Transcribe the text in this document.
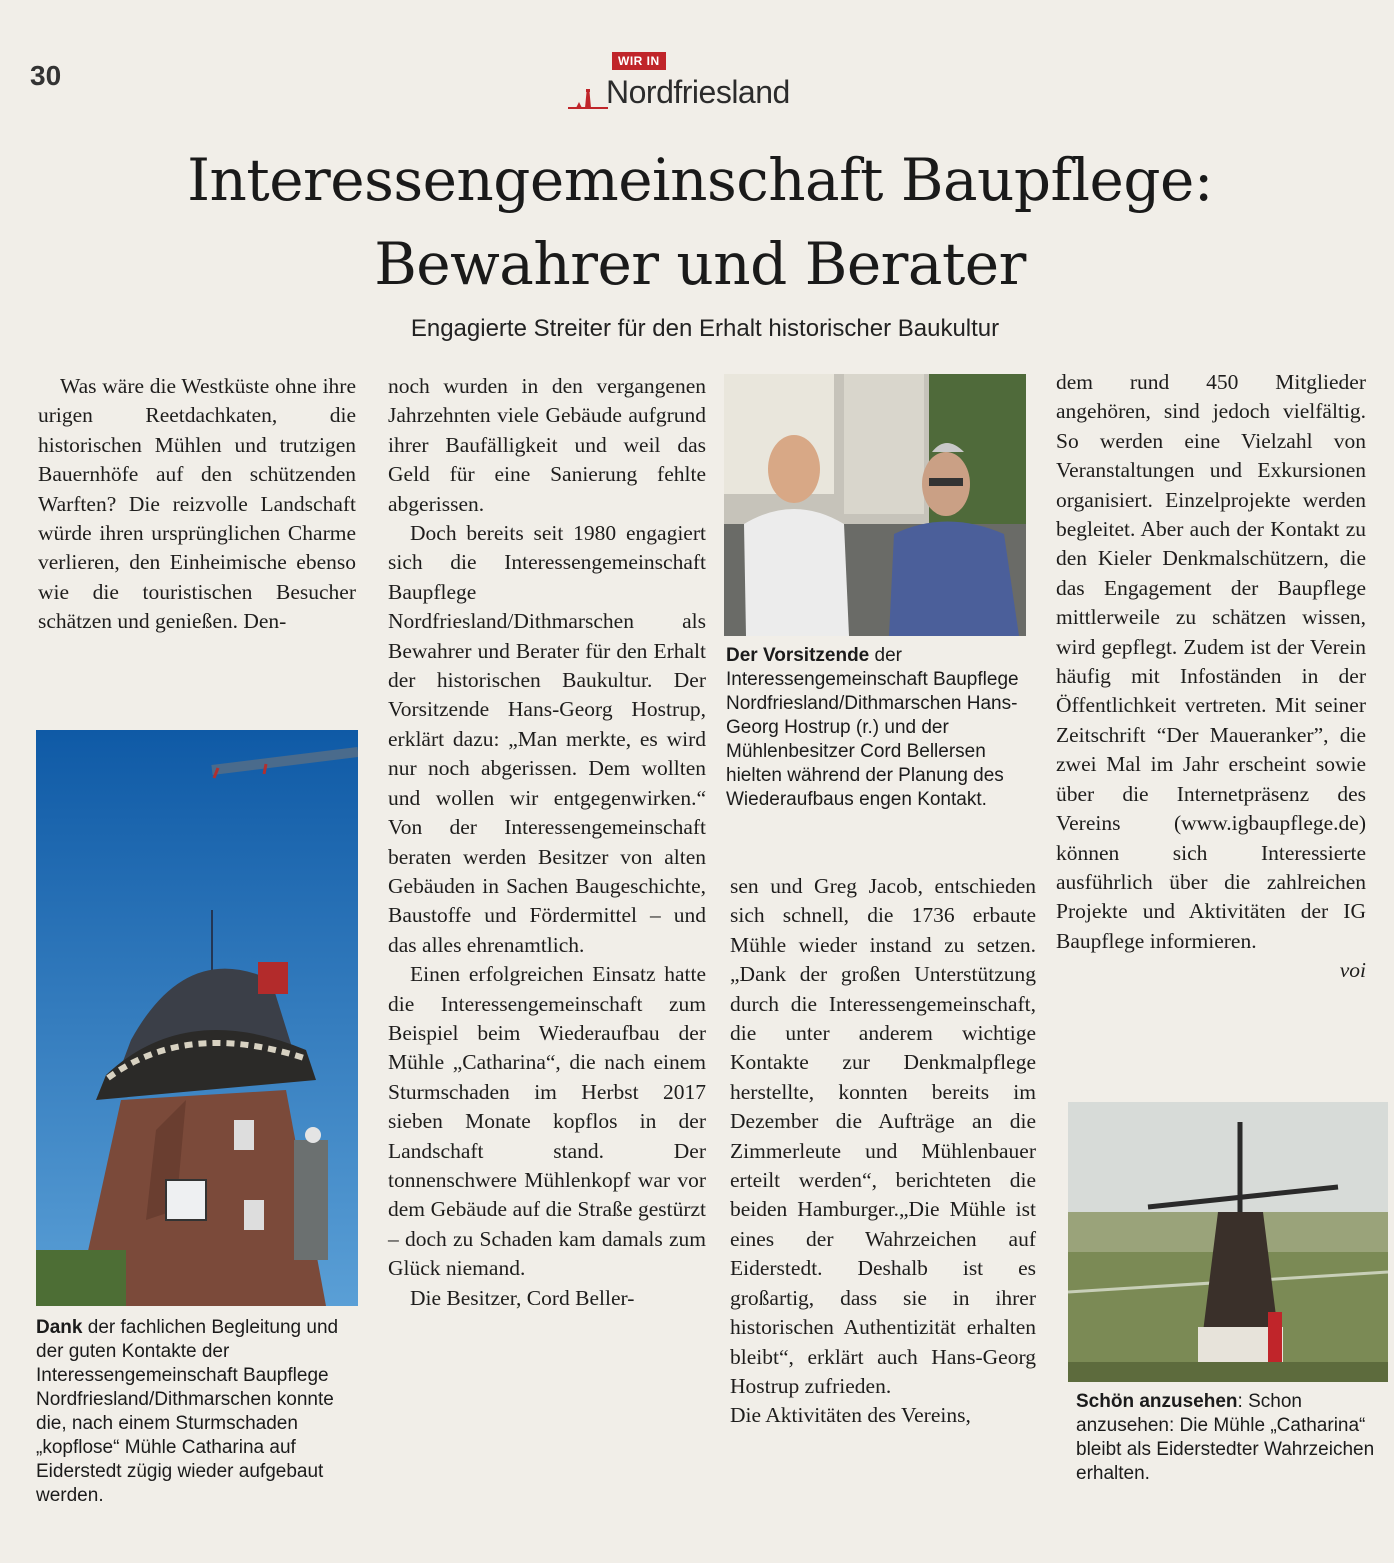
30	WIR IN
Nordfriesland
Interessengemeinschaft Baupflege:
Bewahrer und Berater
Engagierte Streiter für den Erhalt historischer Baukultur

Was wäre die Westküste ohne ihre urigen Reetdachkaten, die historischen Mühlen und trutzigen Bauernhöfe auf den schützenden Warften? Die reizvolle Landschaft würde ihren ursprünglichen Charme verlieren, den Einheimische ebenso wie die touristischen Besucher schätzen und genießen. Den-

Dank der fachlichen Begleitung und der guten Kontakte der Interessengemeinschaft Baupflege Nordfriesland/Dithmarschen konnte die, nach einem Sturmschaden „kopflose“ Mühle Catharina auf Eiderstedt zügig wieder aufgebaut werden.

noch wurden in den vergangenen Jahrzehnten viele Gebäude aufgrund ihrer Baufälligkeit und weil das Geld für eine Sanierung fehlte abgerissen.

Doch bereits seit 1980 engagiert sich die Interessengemeinschaft Baupflege Nordfriesland/Dithmarschen als Bewahrer und Berater für den Erhalt der historischen Baukultur. Der Vorsitzende Hans-Georg Hostrup, erklärt dazu: „Man merkte, es wird nur noch abgerissen. Dem wollten und wollen wir entgegenwirken.“ Von der Interessengemeinschaft beraten werden Besitzer von alten Gebäuden in Sachen Baugeschichte, Baustoffe und Fördermittel – und das alles ehrenamtlich.

Einen erfolgreichen Einsatz hatte die Interessengemeinschaft zum Beispiel beim Wiederaufbau der Mühle „Catharina“, die nach einem Sturmschaden im Herbst 2017 sieben Monate kopflos in der Landschaft stand. Der tonnenschwere Mühlenkopf war vor dem Gebäude auf die Straße gestürzt – doch zu Schaden kam damals zum Glück niemand.

Die Besitzer, Cord Beller-

Der Vorsitzende der Interessengemeinschaft Baupflege Nordfriesland/Dithmarschen Hans-Georg Hostrup (r.) und der Mühlenbesitzer Cord Bellersen hielten während der Planung des Wiederaufbaus engen Kontakt.

sen und Greg Jacob, entschieden sich schnell, die 1736 erbaute Mühle wieder instand zu setzen. „Dank der großen Unterstützung durch die Interessengemeinschaft, die unter anderem wichtige Kontakte zur Denkmalpflege herstellte, konnten bereits im Dezember die Aufträge an die Zimmerleute und Mühlenbauer erteilt werden“, berichteten die beiden Hamburger.„Die Mühle ist eines der Wahrzeichen auf Eiderstedt. Deshalb ist es großartig, dass sie in ihrer historischen Authentizität erhalten bleibt“, erklärt auch Hans-Georg Hostrup zufrieden.

Die Aktivitäten des Vereins,

dem rund 450 Mitglieder angehören, sind jedoch vielfältig. So werden eine Vielzahl von Veranstaltungen und Exkursionen organisiert. Einzelprojekte werden begleitet. Aber auch der Kontakt zu den Kieler Denkmalschützern, die das Engagement der Baupflege mittlerweile zu schätzen wissen, wird gepflegt. Zudem ist der Verein häufig mit Infoständen in der Öffentlichkeit vertreten. Mit seiner Zeitschrift “Der Maueranker”, die zwei Mal im Jahr erscheint sowie über die Internetpräsenz des Vereins (www.igbaupflege.de) können sich Interessierte ausführlich über die zahlreichen Projekte und Aktivitäten der IG Baupflege informieren.

voi

Schön anzusehen: Schon anzusehen: Die Mühle „Catharina“ bleibt als Eiderstedter Wahrzeichen erhalten.
